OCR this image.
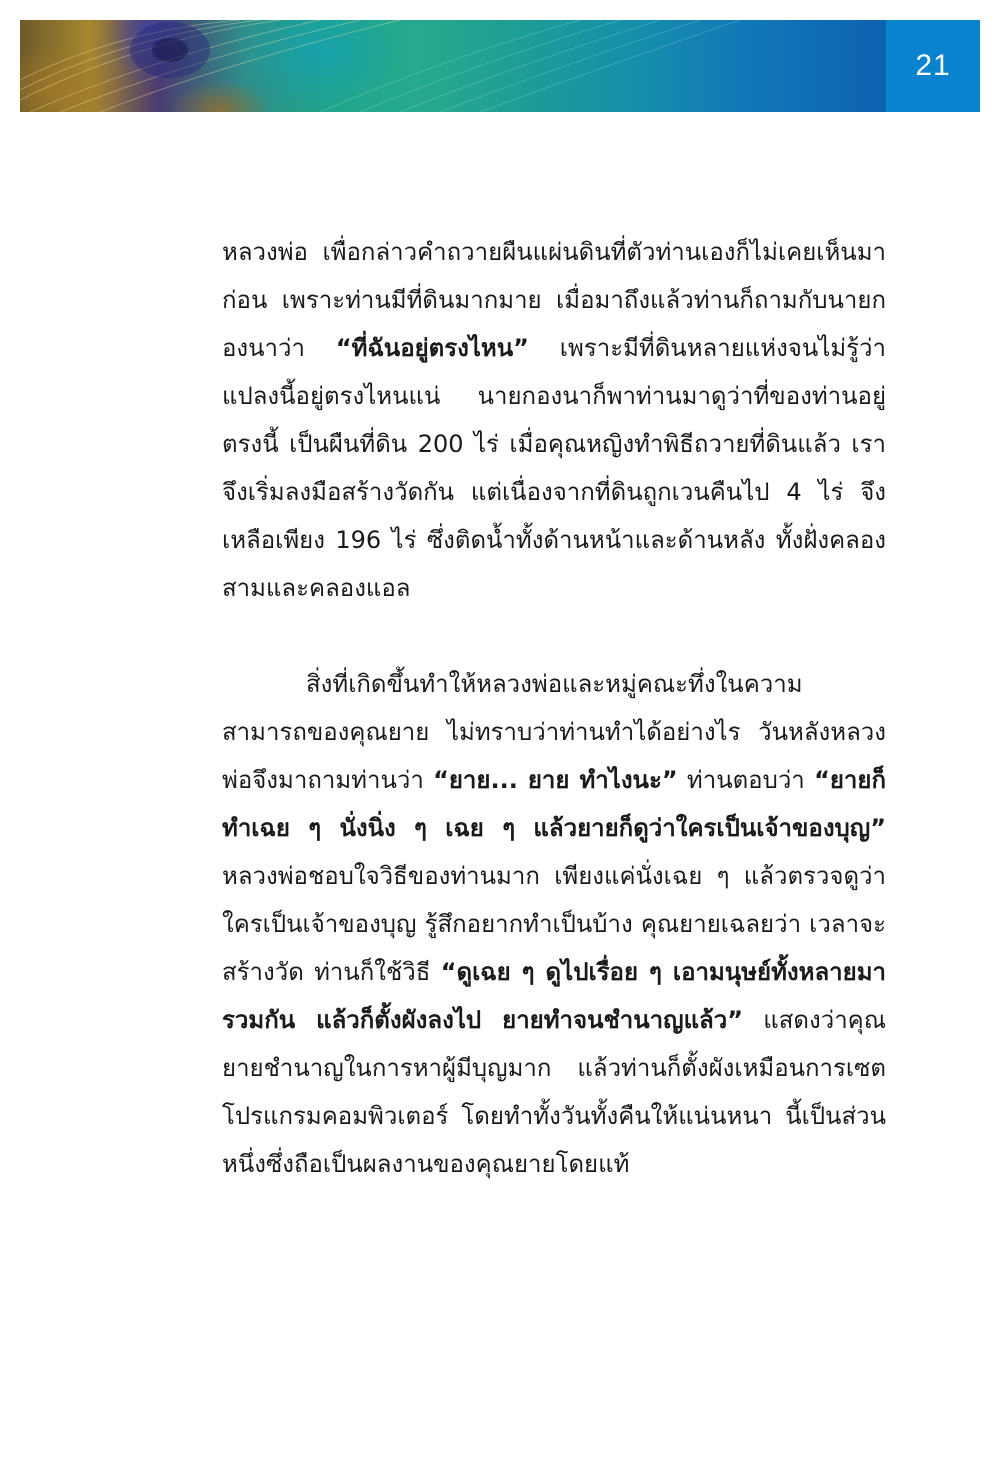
21

หลวงพ่อ เพื่อกล่าวคำถวายผืนแผ่นดินที่ตัวท่านเองก็ไม่เคยเห็นมาก่อน เพราะท่านมีที่ดินมากมาย เมื่อมาถึงแล้วท่านก็ถามกับนายกองนาว่า “ที่ฉันอยู่ตรงไหน” เพราะมีที่ดินหลายแห่งจนไม่รู้ว่าแปลงนี้อยู่ตรงไหนแน่ นายกองนาก็พาท่านมาดูว่าที่ของท่านอยู่ตรงนี้ เป็นผืนที่ดิน 200 ไร่ เมื่อคุณหญิงทำพิธีถวายที่ดินแล้ว เราจึงเริ่มลงมือสร้างวัดกัน แต่เนื่องจากที่ดินถูกเวนคืนไป 4 ไร่ จึงเหลือเพียง 196 ไร่ ซึ่งติดน้ำทั้งด้านหน้าและด้านหลัง ทั้งฝั่งคลองสามและคลองแอล

สิ่งที่เกิดขึ้นทำให้หลวงพ่อและหมู่คณะทึ่งในความสามารถของคุณยาย ไม่ทราบว่าท่านทำได้อย่างไร วันหลังหลวงพ่อจึงมาถามท่านว่า “ยาย... ยาย ทำไงนะ” ท่านตอบว่า “ยายก็ทำเฉย ๆ นั่งนิ่ง ๆ เฉย ๆ แล้วยายก็ดูว่าใครเป็นเจ้าของบุญ” หลวงพ่อชอบใจวิธีของท่านมาก เพียงแค่นั่งเฉย ๆ แล้วตรวจดูว่าใครเป็นเจ้าของบุญ รู้สึกอยากทำเป็นบ้าง คุณยายเฉลยว่า เวลาจะสร้างวัด ท่านก็ใช้วิธี “ดูเฉย ๆ ดูไปเรื่อย ๆ เอามนุษย์ทั้งหลายมารวมกัน แล้วก็ตั้งผังลงไป ยายทำจนชำนาญแล้ว” แสดงว่าคุณยายชำนาญในการหาผู้มีบุญมาก แล้วท่านก็ตั้งผังเหมือนการเซตโปรแกรมคอมพิวเตอร์ โดยทำทั้งวันทั้งคืนให้แน่นหนา นี้เป็นส่วนหนึ่งซึ่งถือเป็นผลงานของคุณยายโดยแท้
